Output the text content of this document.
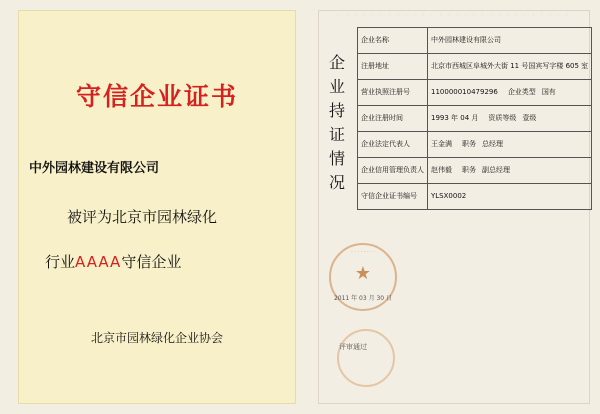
守信企业证书
中外园林建设有限公司
被评为北京市园林绿化
行业AAAA守信企业
北京市园林绿化企业协会
· · · · · · · · · · · · · · · · · · · · · · · · · · · ·
企
业
持
证
情
况
企业名称	中外园林建设有限公司
注册地址	北京市西城区阜城外大街 11 号国宾写字楼 605 室
营业执照注册号	110000010479296 企业类型 国有
企业注册时间	1993 年 04 月 资质等级 壹级
企业法定代表人	王金满 职务 总经理
企业信用管理负责人	赵伟毅 职务 副总经理
守信企业证书编号	YLSX0002
· · · · · · · ·
★
2011 年 03 月 30 日
评审通过
